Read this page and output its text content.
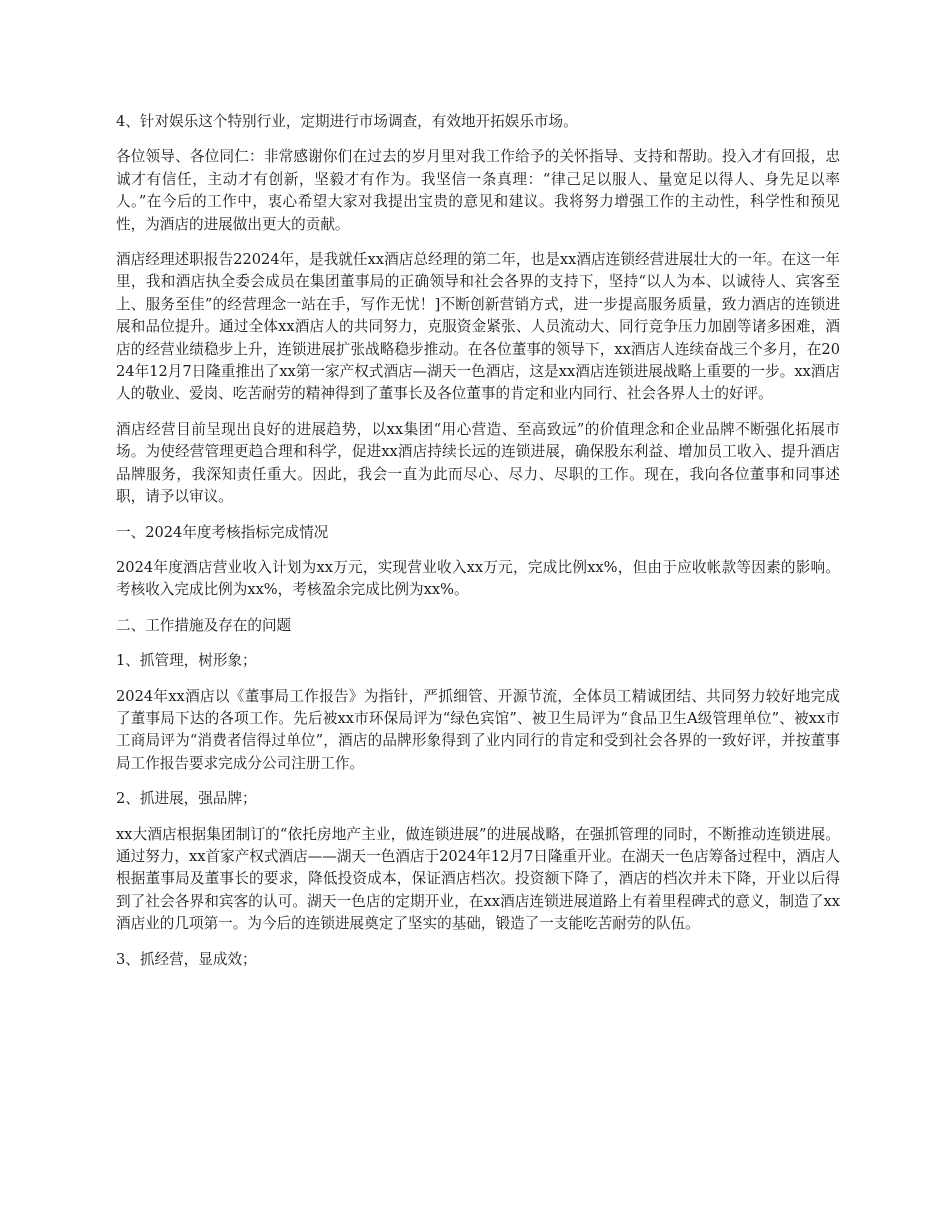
4、针对娱乐这个特别行业，定期进行市场调查，有效地开拓娱乐市场。
各位领导、各位同仁：非常感谢你们在过去的岁月里对我工作给予的关怀指导、支持和帮助。投入才有回报，忠诚才有信任，主动才有创新，坚毅才有作为。我坚信一条真理：“律己足以服人、量宽足以得人、身先足以率人。”在今后的工作中，衷心希望大家对我提出宝贵的意见和建议。我将努力增强工作的主动性，科学性和预见性，为酒店的进展做出更大的贡献。
酒店经理述职报告22024年，是我就任xx酒店总经理的第二年，也是xx酒店连锁经营进展壮大的一年。在这一年里，我和酒店执全委会成员在集团董事局的正确领导和社会各界的支持下，坚持“以人为本、以诚待人、宾客至上、服务至佳”的经营理念一站在手，写作无忧！]不断创新营销方式，进一步提高服务质量，致力酒店的连锁进展和品位提升。通过全体xx酒店人的共同努力，克服资金紧张、人员流动大、同行竞争压力加剧等诸多困难，酒店的经营业绩稳步上升，连锁进展扩张战略稳步推动。在各位董事的领导下，xx酒店人连续奋战三个多月，在2024年12月7日隆重推出了xx第一家产权式酒店—湖天一色酒店，这是xx酒店连锁进展战略上重要的一步。xx酒店人的敬业、爱岗、吃苦耐劳的精神得到了董事长及各位董事的肯定和业内同行、社会各界人士的好评。
酒店经营目前呈现出良好的进展趋势，以xx集团“用心营造、至高致远”的价值理念和企业品牌不断强化拓展市场。为使经营管理更趋合理和科学，促进xx酒店持续长远的连锁进展，确保股东利益、增加员工收入、提升酒店品牌服务，我深知责任重大。因此，我会一直为此而尽心、尽力、尽职的工作。现在，我向各位董事和同事述职，请予以审议。
一、2024年度考核指标完成情况
2024年度酒店营业收入计划为xx万元，实现营业收入xx万元，完成比例xx%，但由于应收帐款等因素的影响。考核收入完成比例为xx%，考核盈余完成比例为xx%。
二、工作措施及存在的问题
1、抓管理，树形象；
2024年xx酒店以《董事局工作报告》为指针，严抓细管、开源节流，全体员工精诚团结、共同努力较好地完成了董事局下达的各项工作。先后被xx市环保局评为“绿色宾馆”、被卫生局评为“食品卫生A级管理单位”、被xx市工商局评为“消费者信得过单位”，酒店的品牌形象得到了业内同行的肯定和受到社会各界的一致好评，并按董事局工作报告要求完成分公司注册工作。
2、抓进展，强品牌；
xx大酒店根据集团制订的“依托房地产主业，做连锁进展”的进展战略，在强抓管理的同时，不断推动连锁进展。通过努力，xx首家产权式酒店——湖天一色酒店于2024年12月7日隆重开业。在湖天一色店筹备过程中，酒店人根据董事局及董事长的要求，降低投资成本，保证酒店档次。投资额下降了，酒店的档次并未下降，开业以后得到了社会各界和宾客的认可。湖天一色店的定期开业，在xx酒店连锁进展道路上有着里程碑式的意义，制造了xx酒店业的几项第一。为今后的连锁进展奠定了坚实的基础，锻造了一支能吃苦耐劳的队伍。
3、抓经营，显成效；
